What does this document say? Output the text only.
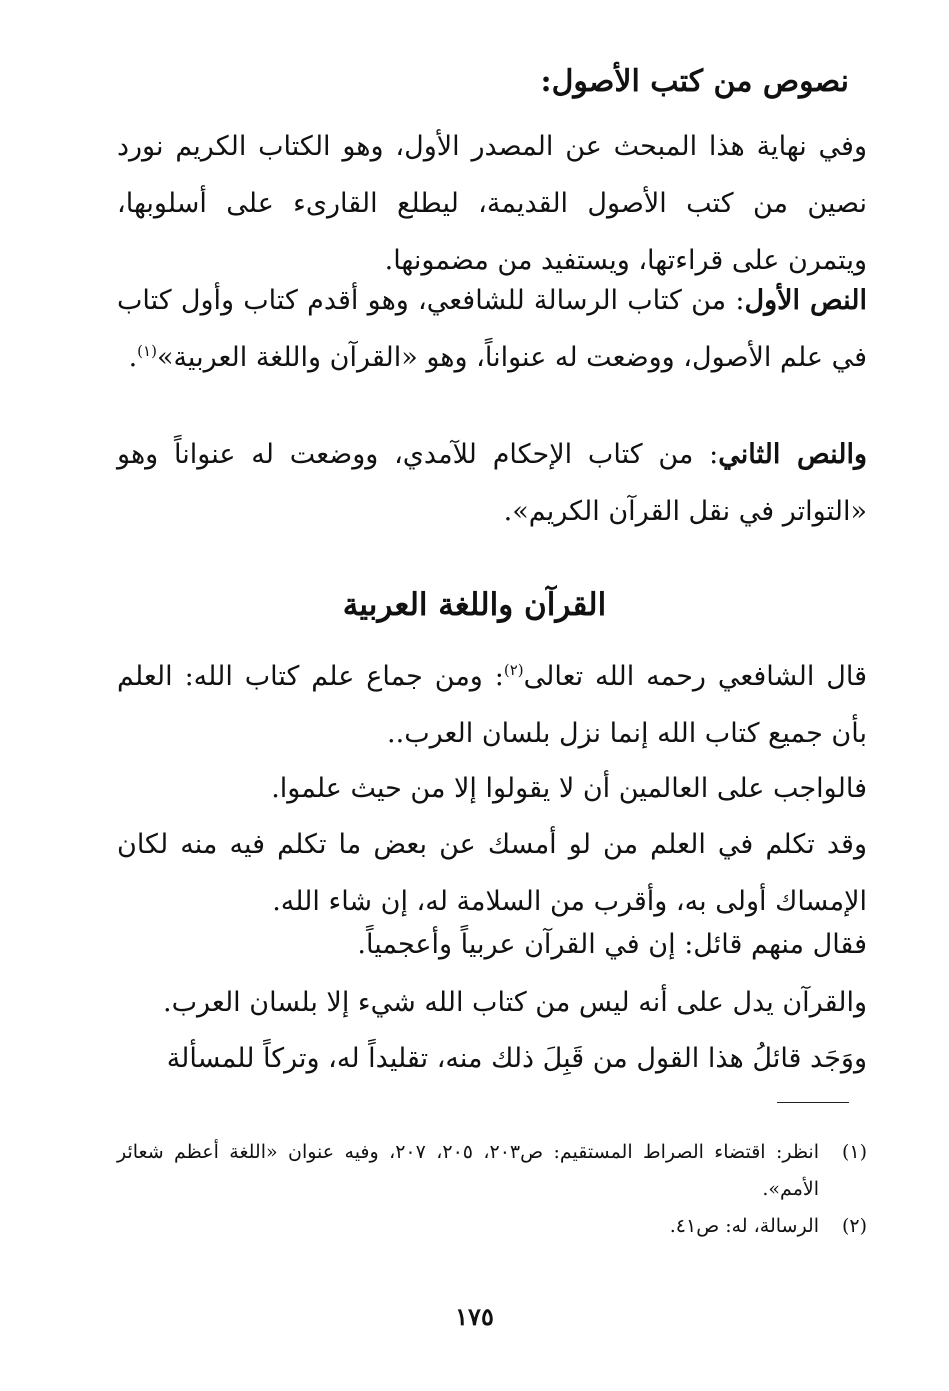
نصوص من كتب الأصول:
وفي نهاية هذا المبحث عن المصدر الأول، وهو الكتاب الكريم نورد نصين من كتب الأصول القديمة، ليطلع القارىء على أسلوبها، ويتمرن على قراءتها، ويستفيد من مضمونها.
النص الأول: من كتاب الرسالة للشافعي، وهو أقدم كتاب وأول كتاب في علم الأصول، ووضعت له عنواناً، وهو «القرآن واللغة العربية»$^{(١)}$.
والنص الثاني: من كتاب الإحكام للآمدي، ووضعت له عنواناً وهو «التواتر في نقل القرآن الكريم».
القرآن واللغة العربية
قال الشافعي رحمه الله تعالى$^{(٢)}$: ومن جماع علم كتاب الله: العلم بأن جميع كتاب الله إنما نزل بلسان العرب..
فالواجب على العالمين أن لا يقولوا إلا من حيث علموا.
وقد تكلم في العلم من لو أمسك عن بعض ما تكلم فيه منه لكان الإمساك أولى به، وأقرب من السلامة له، إن شاء الله.
فقال منهم قائل: إن في القرآن عربياً وأعجمياً.
والقرآن يدل على أنه ليس من كتاب الله شيء إلا بلسان العرب.
ووَجَد قائلُ هذا القول من قَبِلَ ذلك منه، تقليداً له، وتركاً للمسألة
(١)
انظر: اقتضاء الصراط المستقيم: ص٢٠٣، ٢٠٥، ٢٠٧، وفيه عنوان «اللغة أعظم شعائر الأمم».
(٢)
الرسالة، له: ص٤١.
١٧٥
